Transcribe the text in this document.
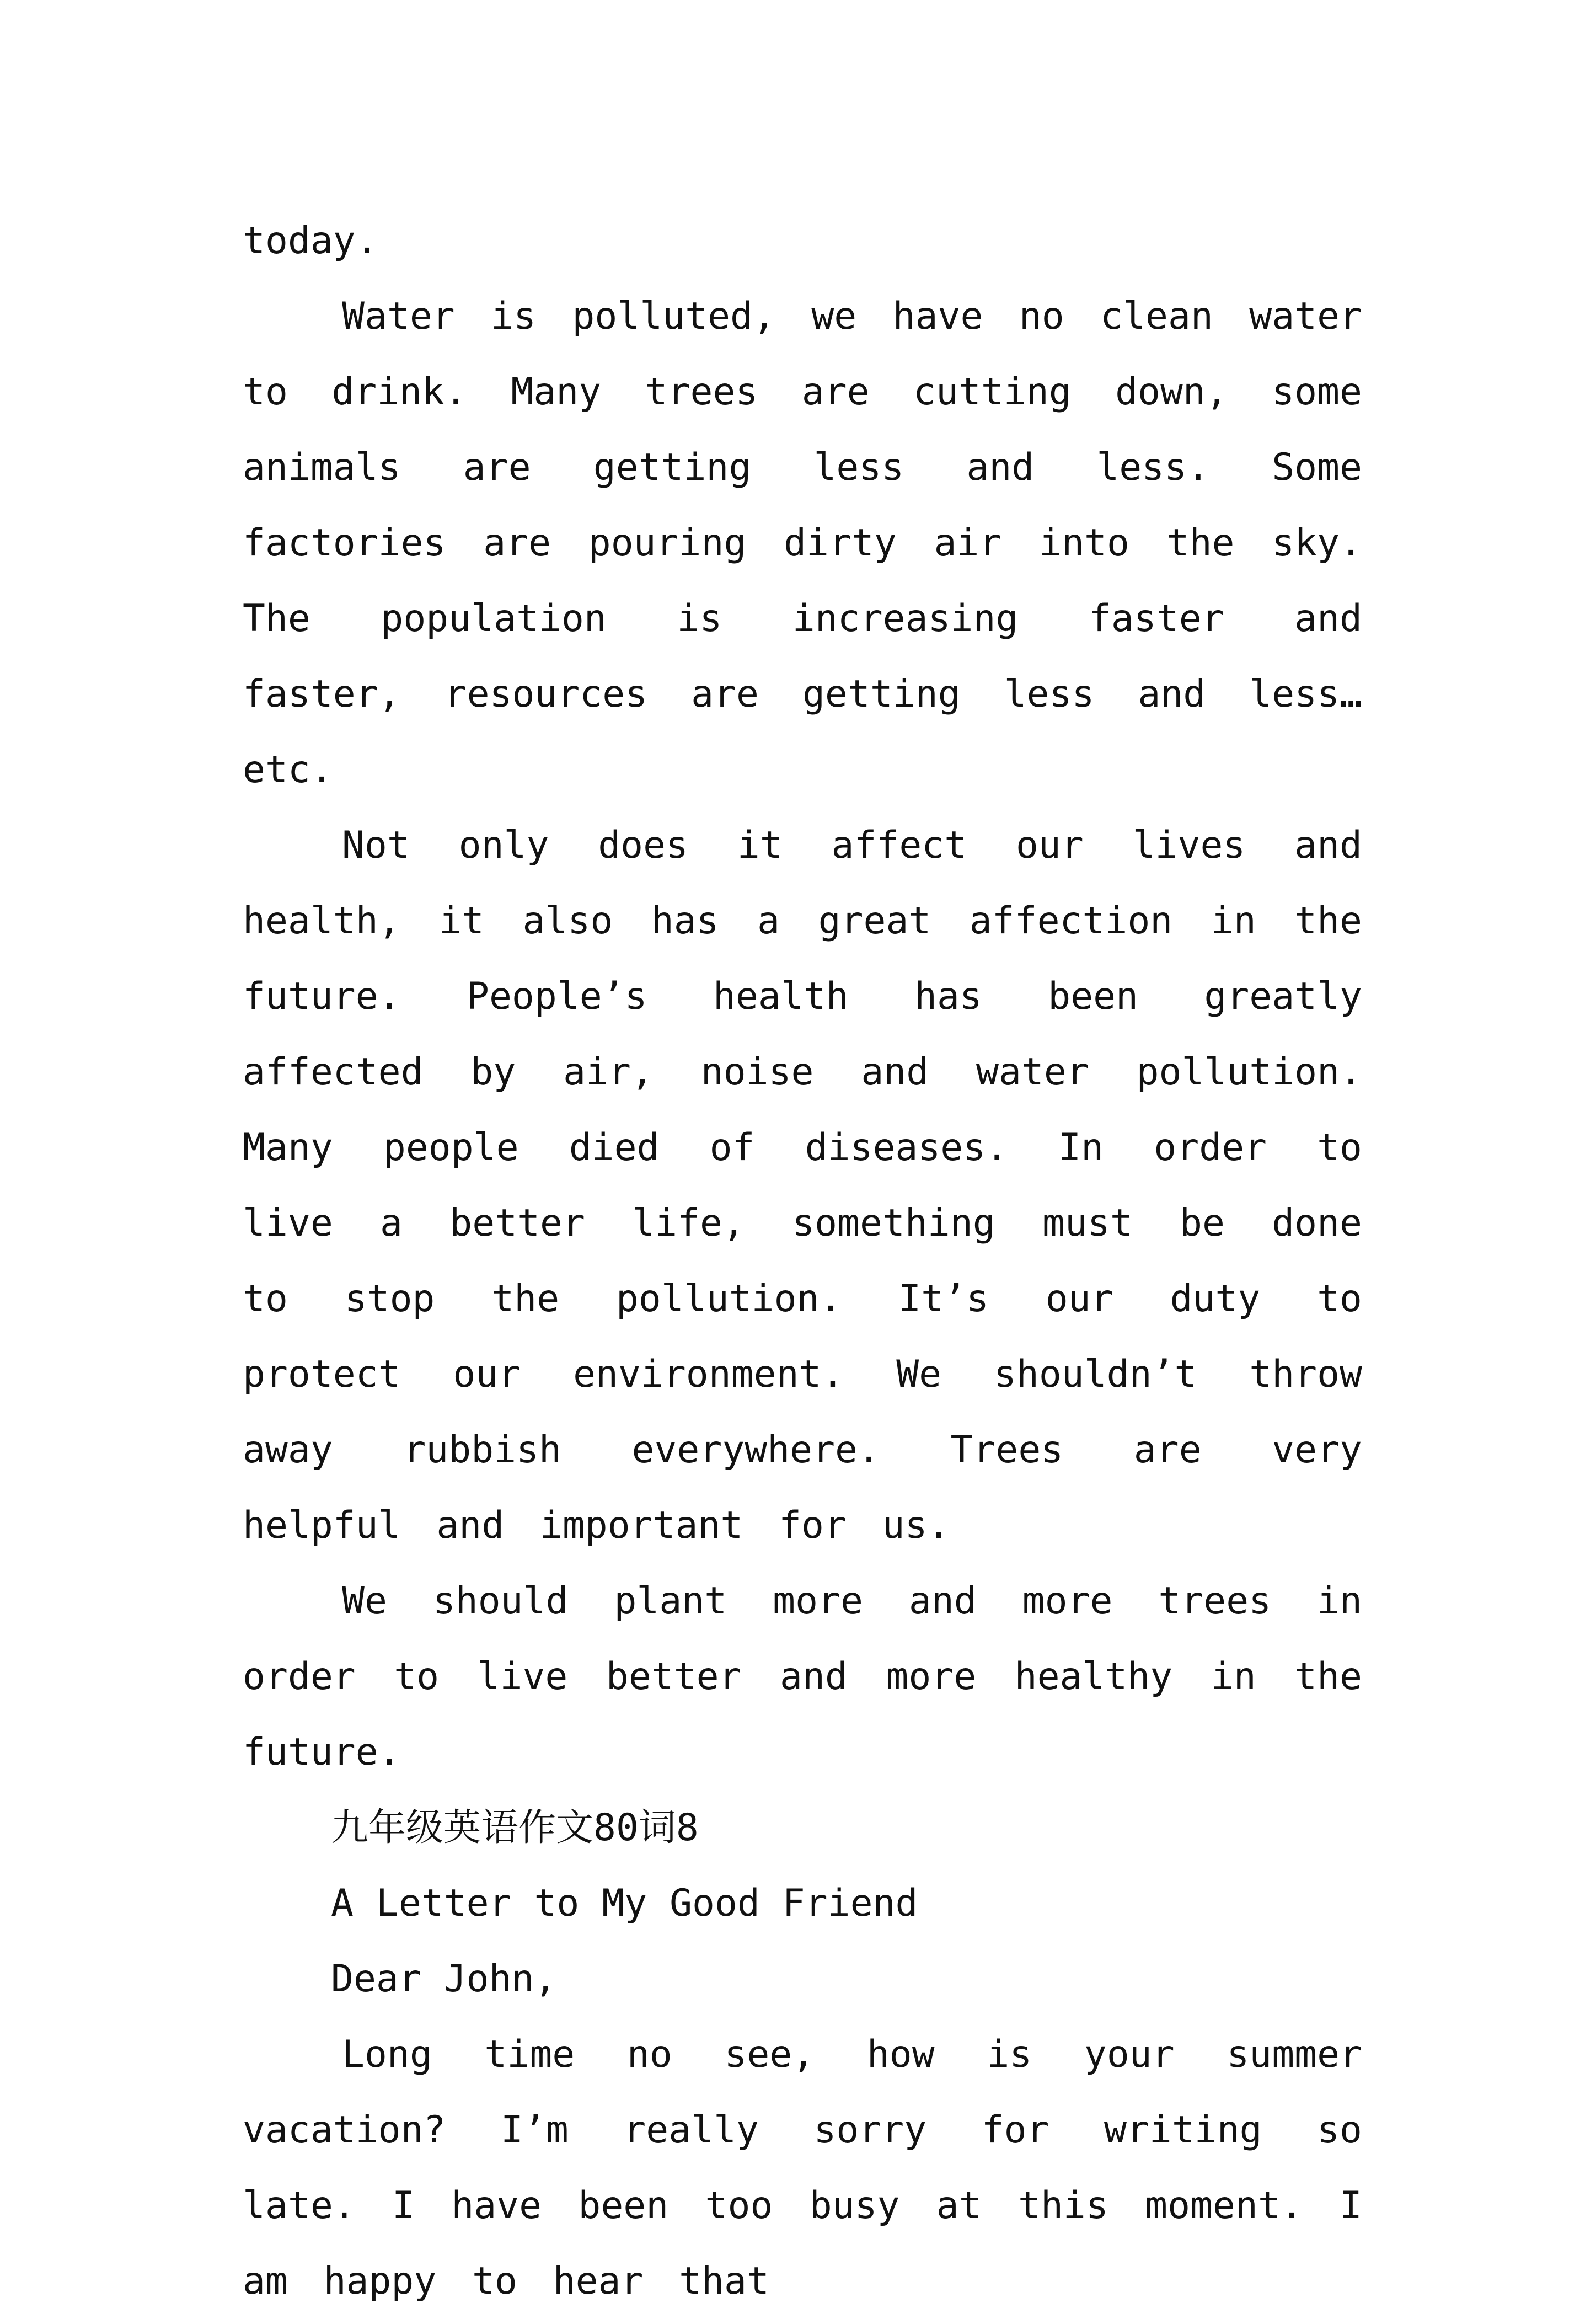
today.

Water is polluted, we have no clean water to drink. Many trees are cutting down, some animals are getting less and less. Some factories are pouring dirty air into the sky. The population is increasing faster and faster, resources are getting less and less…etc.

Not only does it affect our lives and health, it also has a great affection in the future. People’s health has been greatly affected by air, noise and water pollution. Many people died of diseases. In order to live a better life, something must be done to stop the pollution. It’s our duty to protect our environment. We shouldn’t throw away rubbish everywhere. Trees are very helpful and important for us.

We should plant more and more trees in order to live better and more healthy in the future.

九年级英语作文80词8

A Letter to My Good Friend

Dear John,

Long time no see, how is your summer vacation? I’m really sorry for writing so late. I have been too busy at this moment. I am happy to hear that
